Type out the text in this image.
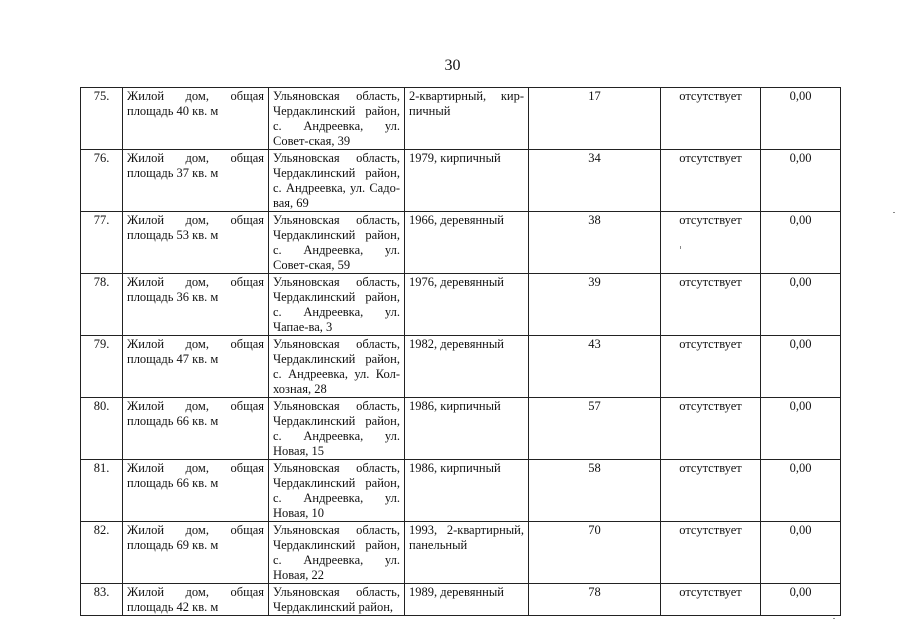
30
75.	Жилой дом, общая площадь 40 кв. м	Ульяновская область, Чердаклинский район, с. Андреевка, ул. Совет-ская, 39	2-квартирный, кир-пичный	17	отсутствует	0,00

76.	Жилой дом, общая площадь 37 кв. м	Ульяновская область, Чердаклинский район, с. Андреевка, ул. Садо-вая, 69	1979, кирпичный	34	отсутствует	0,00

77.	Жилой дом, общая площадь 53 кв. м	Ульяновская область, Чердаклинский район, с. Андреевка, ул. Совет-ская, 59	1966, деревянный	38	отсутствует	0,00

78.	Жилой дом, общая площадь 36 кв. м	Ульяновская область, Чердаклинский район, с. Андреевка, ул. Чапае-ва, 3	1976, деревянный	39	отсутствует	0,00

79.	Жилой дом, общая площадь 47 кв. м	Ульяновская область, Чердаклинский район, с. Андреевка, ул. Кол-хозная, 28	1982, деревянный	43	отсутствует	0,00

80.	Жилой дом, общая площадь 66 кв. м	Ульяновская область, Чердаклинский район, с. Андреевка, ул. Новая, 15	1986, кирпичный	57	отсутствует	0,00

81.	Жилой дом, общая площадь 66 кв. м	Ульяновская область, Чердаклинский район, с. Андреевка, ул. Новая, 10	1986, кирпичный	58	отсутствует	0,00

82.	Жилой дом, общая площадь 69 кв. м	Ульяновская область, Чердаклинский район, с. Андреевка, ул. Новая, 22	1993, 2-квартирный, панельный	70	отсутствует	0,00

83.	Жилой дом, общая площадь 42 кв. м	Ульяновская область, Чердаклинский район,	1989, деревянный	78	отсутствует	0,00
